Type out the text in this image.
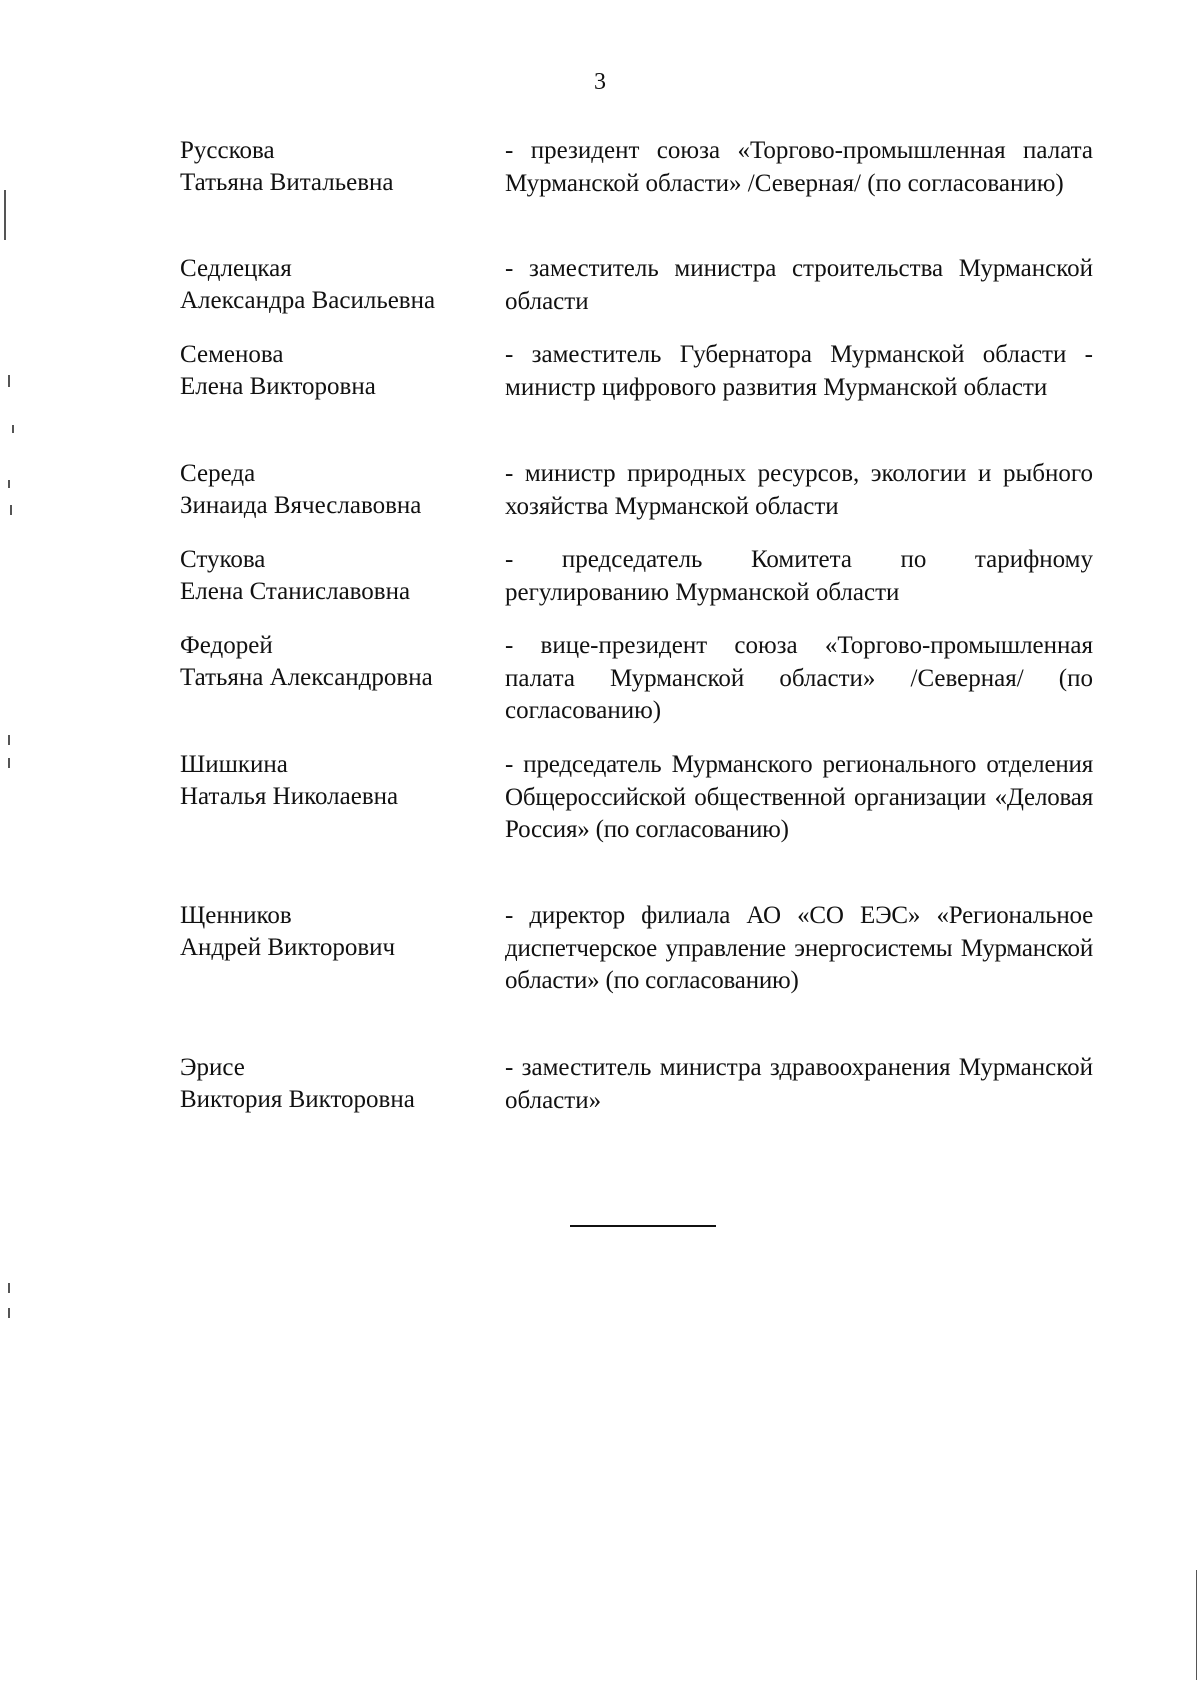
3
Русскова
Татьяна Витальевна
- президент союза «Торгово-промышленная палата Мурманской области» /Северная/ (по согласованию)
Седлецкая
Александра Васильевна
- заместитель министра строительства Мурманской области
Семенова
Елена Викторовна
- заместитель Губернатора Мурманской области - министр цифрового развития Мурманской области
Середа
Зинаида Вячеславовна
- министр природных ресурсов, экологии и рыбного хозяйства Мурманской области
Стукова
Елена Станиславовна
- председатель Комитета по тарифному регулированию Мурманской области
Федорей
Татьяна Александровна
- вице-президент союза «Торгово-промышленная палата Мурманской области» /Северная/ (по согласованию)
Шишкина
Наталья Николаевна
- председатель Мурманского регионального отделения Общероссийской общественной организации «Деловая Россия» (по согласованию)
Щенников
Андрей Викторович
- директор филиала АО «СО ЕЭС» «Региональное диспетчерское управление энергосистемы Мурманской области» (по согласованию)
Эрисе
Виктория Викторовна
- заместитель министра здравоохранения Мурманской области»
